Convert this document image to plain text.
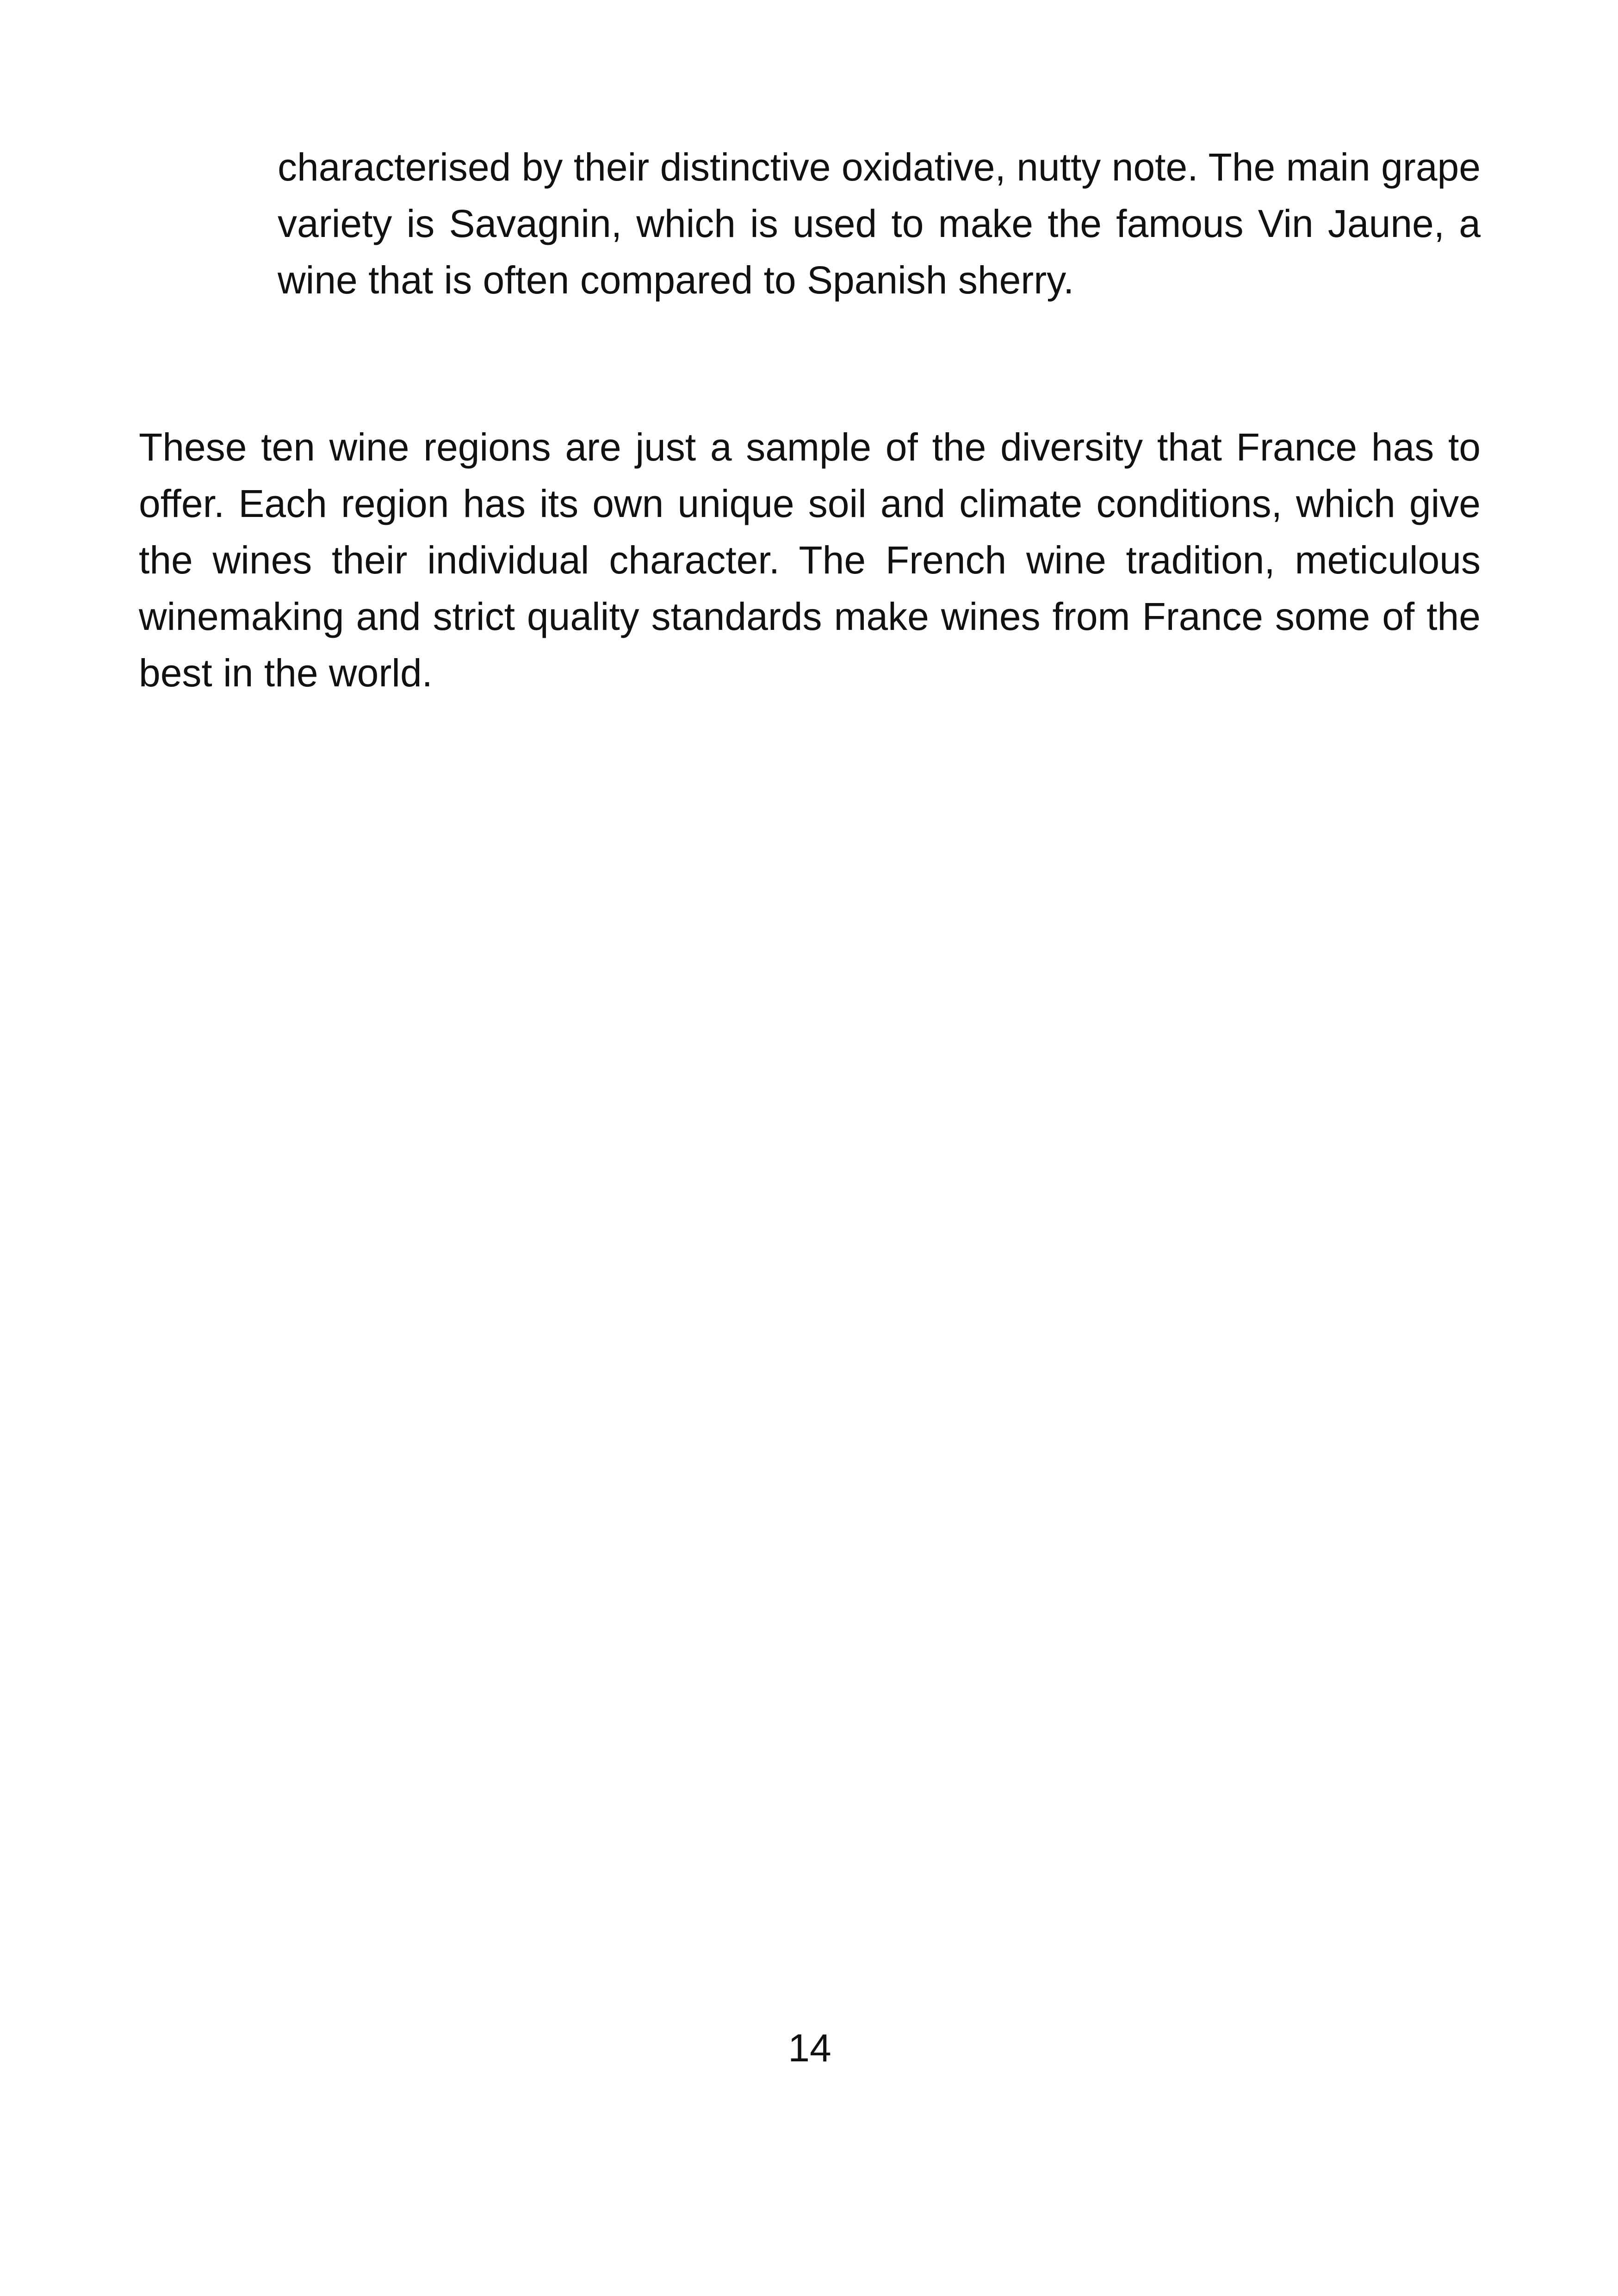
characterised by their distinctive oxidative, nutty note. The main grape variety is Savagnin, which is used to make the famous Vin Jaune, a wine that is often compared to Spanish sherry.

These ten wine regions are just a sample of the diversity that France has to offer. Each region has its own unique soil and climate conditions, which give the wines their individual character. The French wine tradition, meticulous winemaking and strict quality standards make wines from France some of the best in the world.

14
